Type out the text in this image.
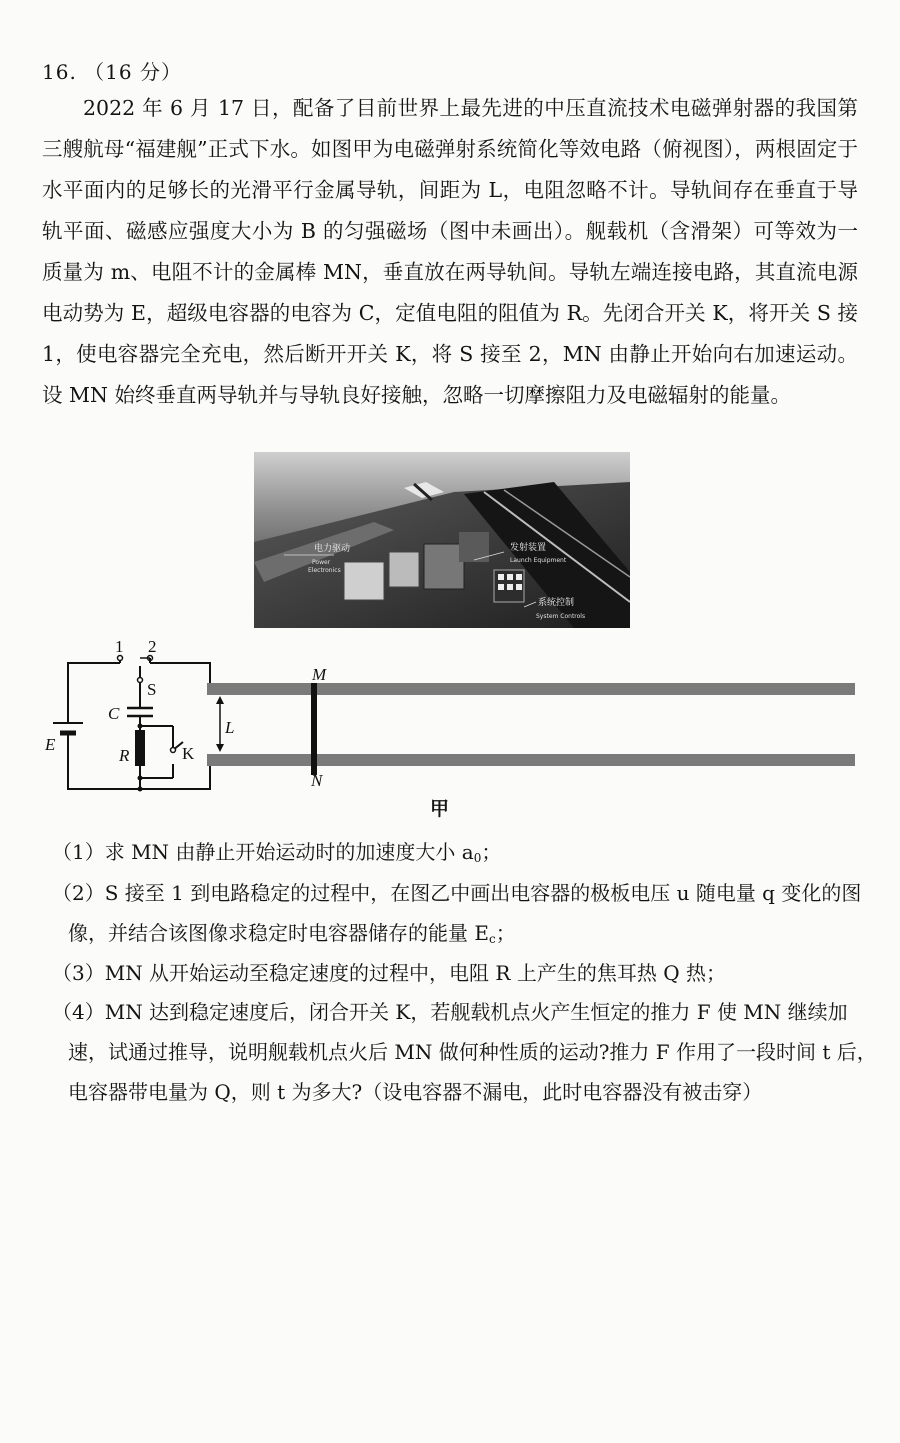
16. （16 分）

2022 年 6 月 17 日，配备了目前世界上最先进的中压直流技术电磁弹射器的我国第三艘航母“福建舰”正式下水。如图甲为电磁弹射系统简化等效电路（俯视图），两根固定于水平面内的足够长的光滑平行金属导轨，间距为 L，电阻忽略不计。导轨间存在垂直于导轨平面、磁感应强度大小为 B 的匀强磁场（图中未画出）。舰载机（含滑架）可等效为一质量为 m、电阻不计的金属棒 MN，垂直放在两导轨间。导轨左端连接电路，其直流电源电动势为 E，超级电容器的电容为 C，定值电阻的阻值为 R。先闭合开关 K，将开关 S 接 1，使电容器完全充电，然后断开开关 K，将 S 接至 2，MN 由静止开始向右加速运动。设 MN 始终垂直两导轨并与导轨良好接触，忽略一切摩擦阻力及电磁辐射的能量。

电力驱动
Power
Electronics
发射装置
Launch Equipment
系统控制
System Controls
1 2
S
C
E
R	K
L
M
N
甲

（1）求 MN 由静止开始运动时的加速度大小 $a_0$；

（2）S 接至 1 到电路稳定的过程中，在图乙中画出电容器的极板电压 u 随电量 q 变化的图像，并结合该图像求稳定时电容器储存的能量 $E_c$；

（3）MN 从开始运动至稳定速度的过程中，电阻 R 上产生的焦耳热 Q 热；

（4）MN 达到稳定速度后，闭合开关 K，若舰载机点火产生恒定的推力 F 使 MN 继续加速，试通过推导，说明舰载机点火后 MN 做何种性质的运动?推力 F 作用了一段时间 t 后，电容器带电量为 Q，则 t 为多大?（设电容器不漏电，此时电容器没有被击穿）
